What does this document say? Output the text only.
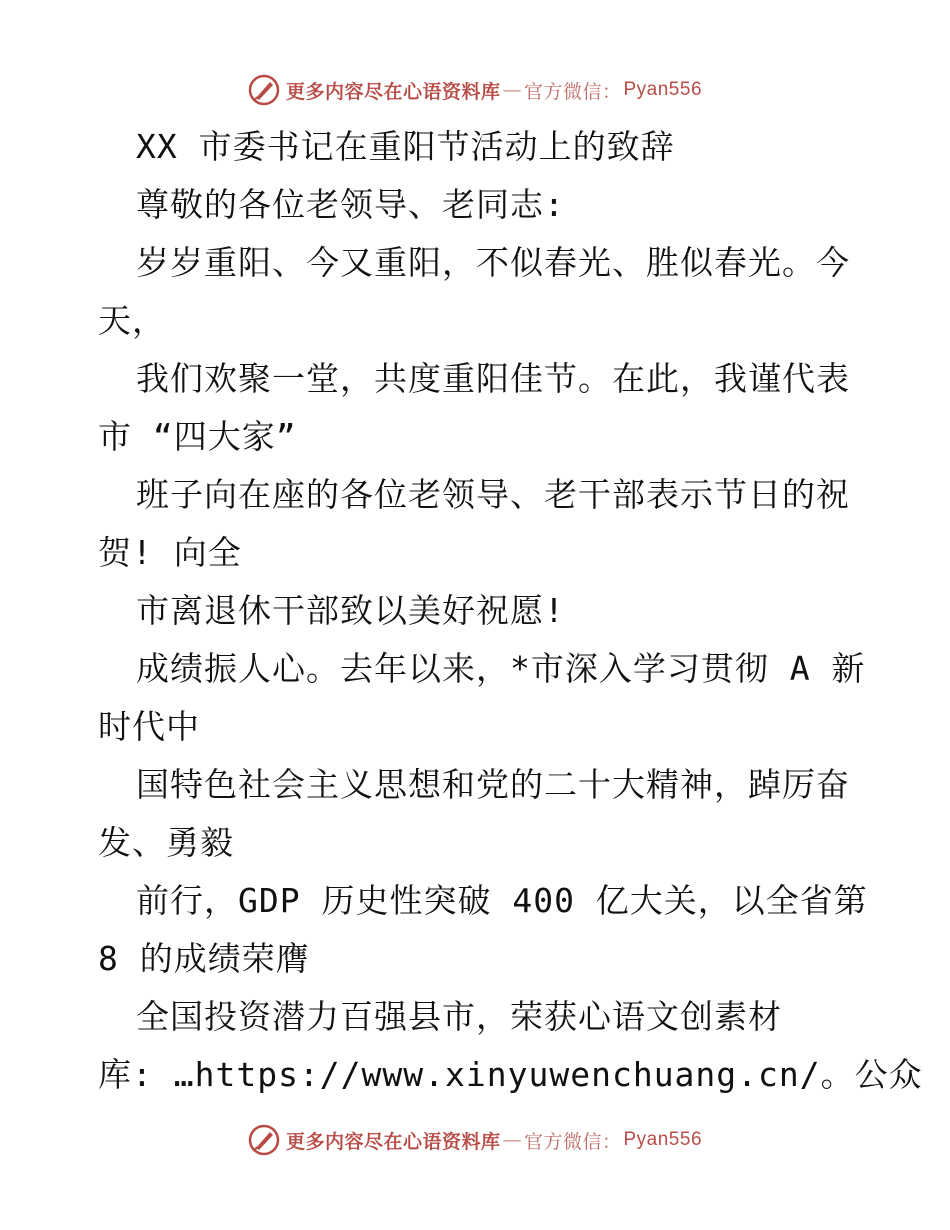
更多内容尽在心语资料库 — 官方微信： Pyan556
XX 市委书记在重阳节活动上的致辞
尊敬的各位老领导、老同志:
岁岁重阳、今又重阳，不似春光、胜似春光。今
天，
我们欢聚一堂，共度重阳佳节。在此，我谨代表
市 “四大家”
班子向在座的各位老领导、老干部表示节日的祝
贺! 向全
市离退休干部致以美好祝愿!
成绩振人心。去年以来，*市深入学习贯彻 A 新
时代中
国特色社会主义思想和党的二十大精神，踔厉奋
发、勇毅
前行，GDP 历史性突破 400 亿大关，以全省第
8 的成绩荣膺
全国投资潜力百强县市，荣获心语文创素材
库: …https://www.xinyuwenchuang.cn/。公众
更多内容尽在心语资料库 — 官方微信： Pyan556
